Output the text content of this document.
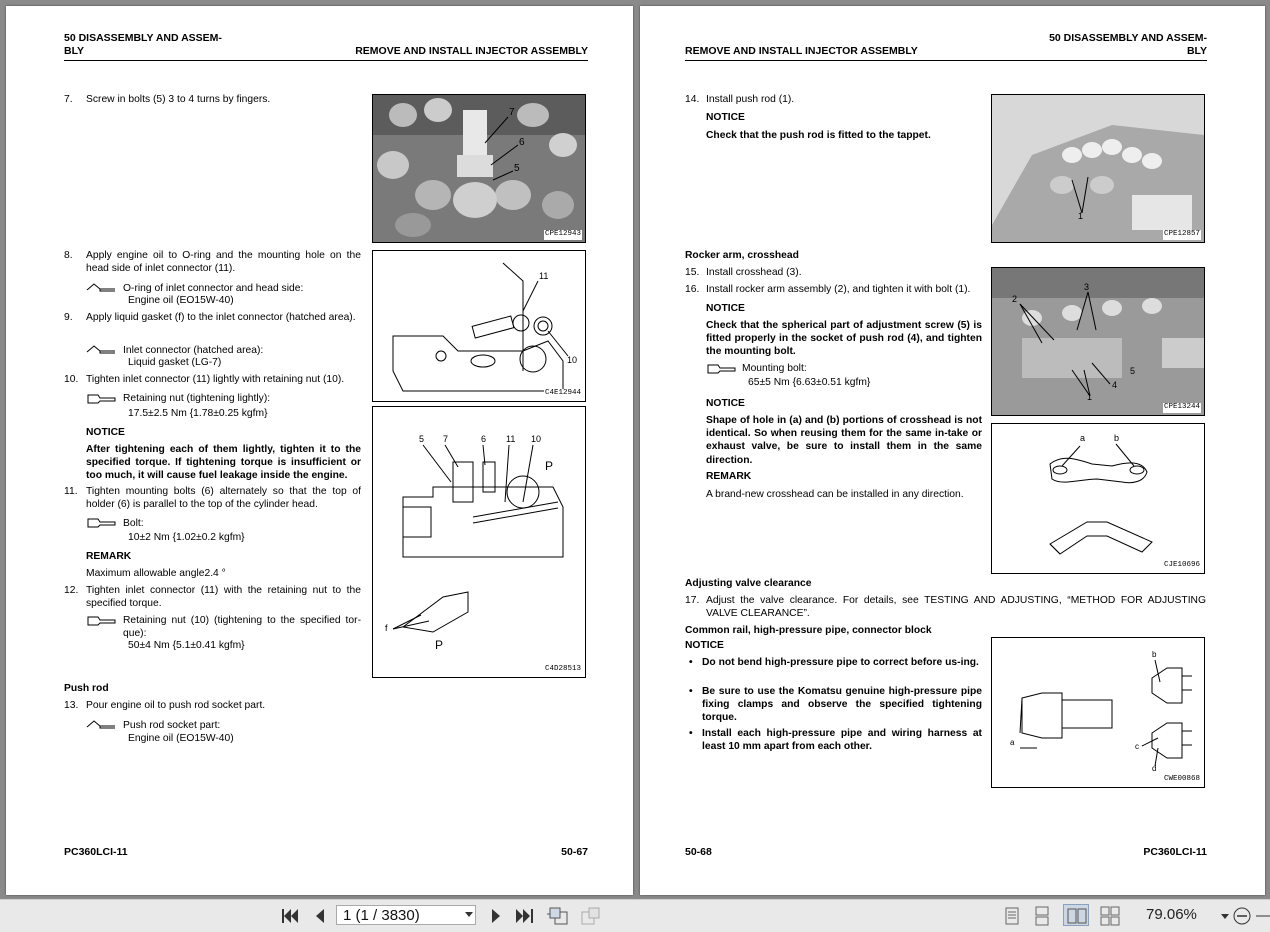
50 DISASSEMBLY AND ASSEM-
BLY	REMOVE AND INSTALL INJECTOR ASSEMBLY
7. Screw in bolts (5) 3 to 4 turns by fingers.
7
6
5
CPE12943
8. Apply engine oil to O-ring and the mounting hole on the head side of inlet connector (11).
O-ring of inlet connector and head side:
Engine oil (EO15W-40)
9. Apply liquid gasket (f) to the inlet connector (hatched area).
Inlet connector (hatched area):
Liquid gasket (LG-7)
11
10
C4E12944
10. Tighten inlet connector (11) lightly with retaining nut (10).
Retaining nut (tightening lightly):
17.5±2.5 Nm {1.78±0.25 kgfm}
NOTICE
After tightening each of them lightly, tighten it to the specified torque. If tightening torque is insufficient or too much, it will cause fuel leakage inside the engine.
11. Tighten mounting bolts (6) alternately so that the top of holder (6) is parallel to the top of the cylinder head.
Bolt:
10±2 Nm {1.02±0.2 kgfm}
REMARK
Maximum allowable angle2.4 °
12. Tighten inlet connector (11) with the retaining nut to the specified torque.
Retaining nut (10) (tightening to the specified tor-que):
50±4 Nm {5.1±0.41 kgfm}
5 7	6 11 10
P
f
P
C4D28513
Push rod
13. Pour engine oil to push rod socket part.
Push rod socket part:
Engine oil (EO15W-40)
PC360LCI-11	50-67
REMOVE AND INSTALL INJECTOR ASSEMBLY
50 DISASSEMBLY AND ASSEM-
BLY
14. Install push rod (1).
NOTICE
Check that the push rod is fitted to the tappet.
1
CPE12857
Rocker arm, crosshead
15. Install crosshead (3).
16. Install rocker arm assembly (2), and tighten it with bolt (1).
NOTICE
Check that the spherical part of adjustment screw (5) is fitted properly in the socket of push rod (4), and tighten the mounting bolt.
Mounting bolt:
65±5 Nm {6.63±0.51 kgfm}
NOTICE
Shape of hole in (a) and (b) portions of crosshead is not identical. So when reusing them for the same in-take or exhaust valve, be sure to install them in the same direction.
REMARK
A brand-new crosshead can be installed in any direction.
2
3
4
5
1
CPE13244
a	b
CJE10696
Adjusting valve clearance
17. Adjust the valve clearance. For details, see TESTING AND ADJUSTING, “METHOD FOR ADJUSTING VALVE CLEARANCE”.
Common rail, high-pressure pipe, connector block
NOTICE
• Do not bend high-pressure pipe to correct before us-ing.
• Be sure to use the Komatsu genuine high-pressure pipe fixing clamps and observe the specified tightening torque.
• Install each high-pressure pipe and wiring harness at least 10 mm apart from each other.
b
a	c
d
CWE00868
50-68	PC360LCI-11
1 (1 / 3830)	79.06%
